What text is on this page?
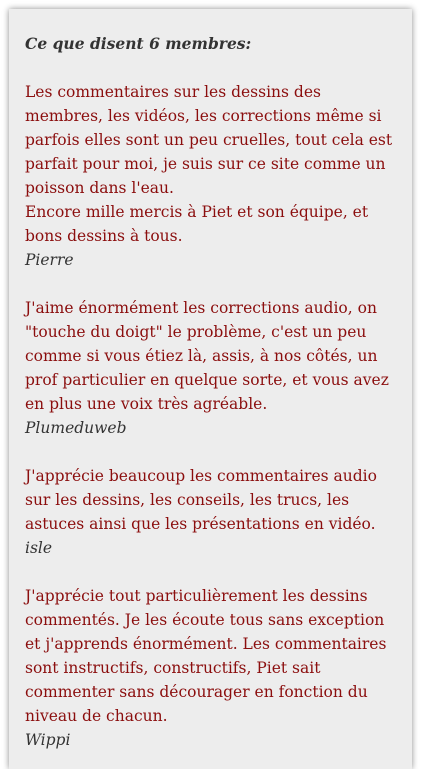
Ce que disent 6 membres:

Les commentaires sur les dessins des membres, les vidéos, les corrections même si parfois elles sont un peu cruelles, tout cela est parfait pour moi, je suis sur ce site comme un poisson dans l'eau.
Encore mille mercis à Piet et son équipe, et bons dessins à tous.

Pierre

J'aime énormément les corrections audio, on "touche du doigt" le problème, c'est un peu comme si vous étiez là, assis, à nos côtés, un prof particulier en quelque sorte, et vous avez en plus une voix très agréable.

Plumeduweb

J'apprécie beaucoup les commentaires audio sur les dessins, les conseils, les trucs, les astuces ainsi que les présentations en vidéo.

isle

J'apprécie tout particulièrement les dessins commentés. Je les écoute tous sans exception et j'apprends énormément. Les commentaires sont instructifs, constructifs, Piet sait commenter sans décourager en fonction du niveau de chacun.

Wippi
